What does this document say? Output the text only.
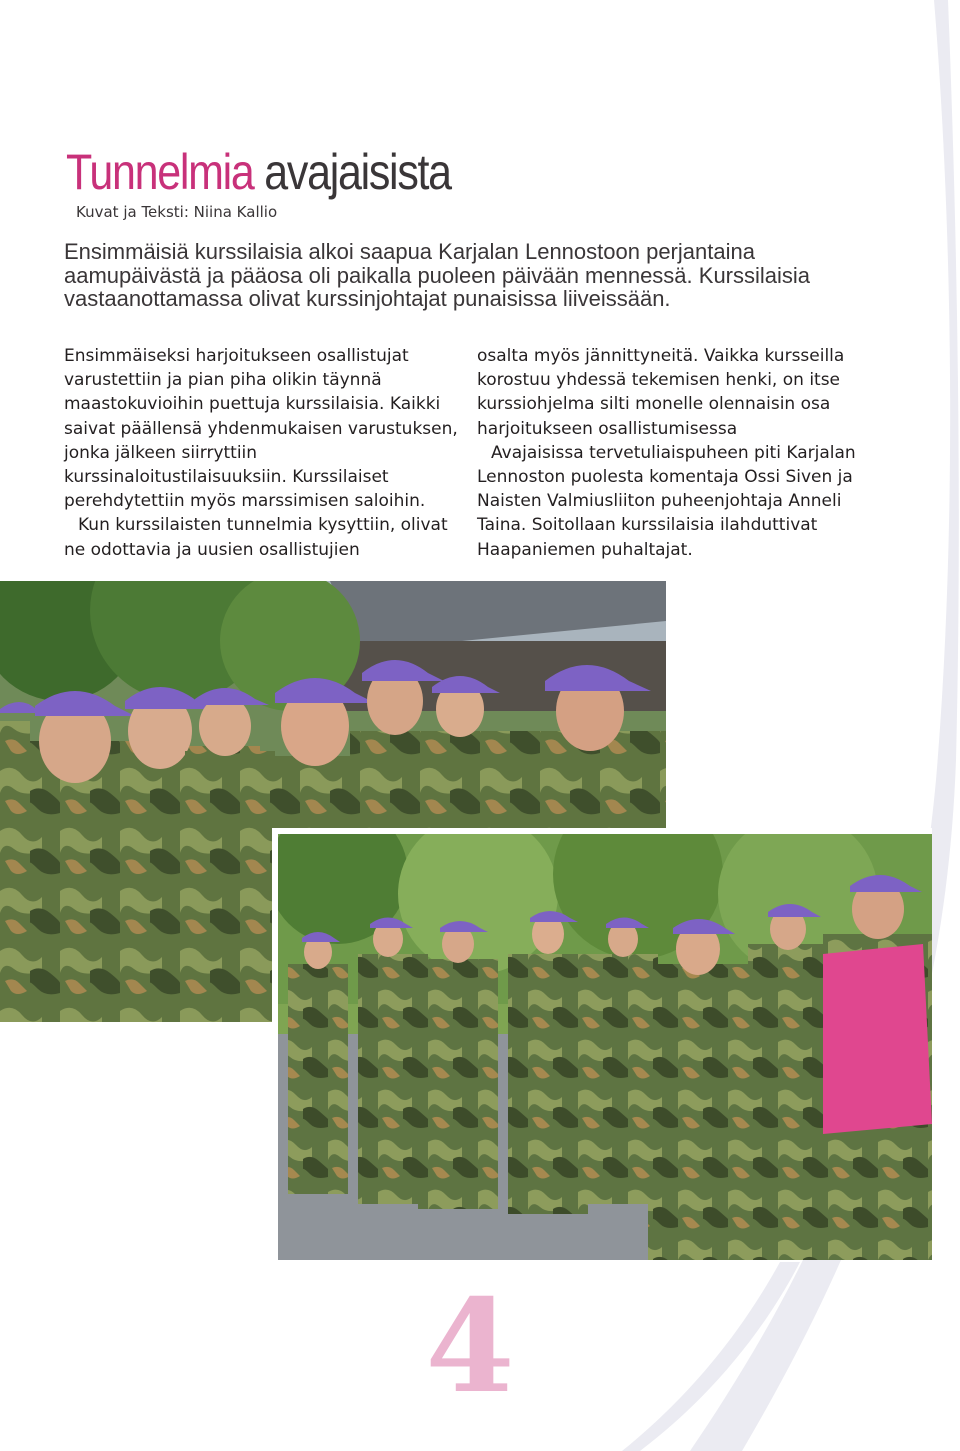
Tunnelmia avajaisista
Kuvat ja Teksti: Niina Kallio

Ensimmäisiä kurssilaisia alkoi saapua Karjalan Lennostoon perjantaina aamupäivästä ja pääosa oli paikalla puoleen päivään mennessä. Kurssilaisia vastaanottamassa olivat kurssinjohtajat punaisissa liiveissään.

Ensimmäiseksi harjoitukseen osallistujat varustettiin ja pian piha olikin täynnä maastokuvioihin puettuja kurssilaisia. Kaikki saivat päällensä yhdenmukaisen varustuksen, jonka jälkeen siirryttiin kurssinaloitustilaisuuksiin. Kurssilaiset perehdytettiin myös marssimisen saloihin.

Kun kurssilaisten tunnelmia kysyttiin, olivat ne odottavia ja uusien osallistujien

osalta myös jännittyneitä. Vaikka kursseilla korostuu yhdessä tekemisen henki, on itse kurssiohjelma silti monelle olennaisin osa harjoitukseen osallistumisessa

Avajaisissa tervetuliaispuheen piti Karjalan Lennoston puolesta komentaja Ossi Siven ja Naisten Valmiusliiton puheenjohtaja Anneli Taina. Soitollaan kurssilaisia ilahduttivat Haapaniemen puhaltajat.

4
